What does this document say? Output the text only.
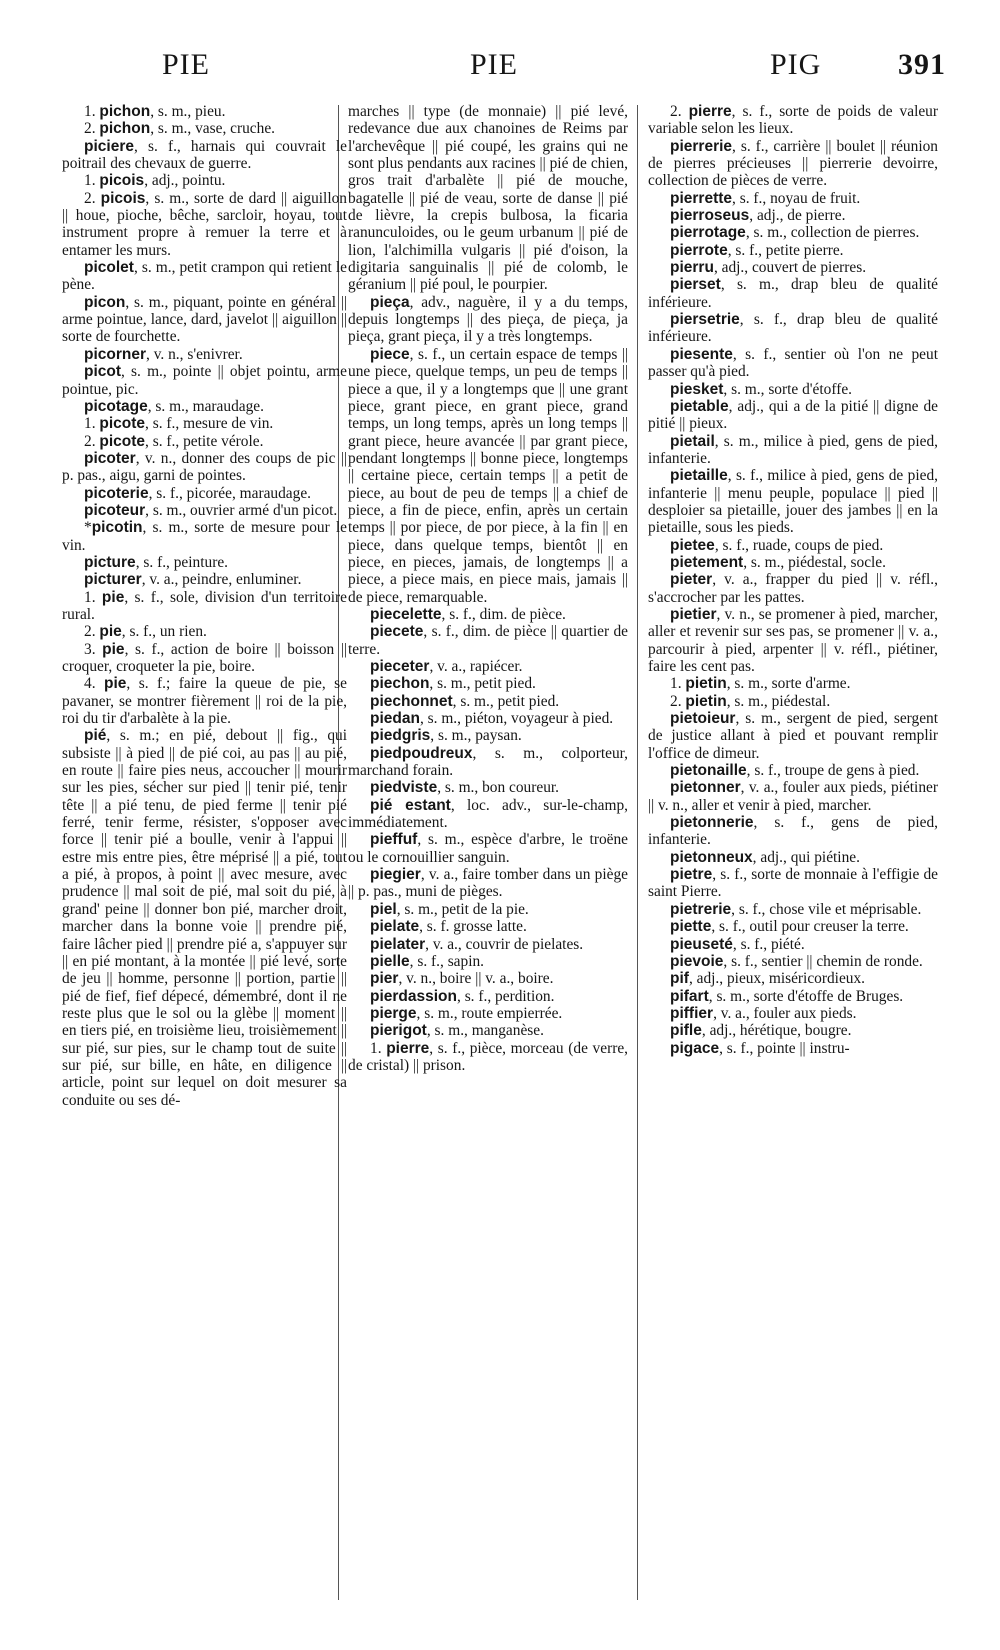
PIE	PIE	PIG	391
1. pichon, s. m., pieu.
2. pichon, s. m., vase, cruche.
piciere, s. f., harnais qui couvrait le poitrail des chevaux de guerre.
1. picois, adj., pointu.
2. picois, s. m., sorte de dard || aiguillon || houe, pioche, bêche, sarcloir, hoyau, tout instrument propre à remuer la terre et à entamer les murs.
picolet, s. m., petit crampon qui retient le pène.
picon, s. m., piquant, pointe en général || arme pointue, lance, dard, javelot || aiguillon || sorte de fourchette.
picorner, v. n., s'enivrer.
picot, s. m., pointe || objet pointu, arme pointue, pic.
picotage, s. m., maraudage.
1. picote, s. f., mesure de vin.
2. picote, s. f., petite vérole.
picoter, v. n., donner des coups de pic || p. pas., aigu, garni de pointes.
picoterie, s. f., picorée, maraudage.
picoteur, s. m., ouvrier armé d'un picot.
*picotin, s. m., sorte de mesure pour le vin.
picture, s. f., peinture.
picturer, v. a., peindre, enluminer.
1. pie, s. f., sole, division d'un territoire rural.
2. pie, s. f., un rien.
3. pie, s. f., action de boire || boisson || croquer, croqueter la pie, boire.
4. pie, s. f.; faire la queue de pie, se pavaner, se montrer fièrement || roi de la pie, roi du tir d'arbalète à la pie.
pié, s. m.; en pié, debout || fig., qui subsiste || à pied || de pié coi, au pas || au pié, en route || faire pies neus, accoucher || mourir sur les pies, sécher sur pied || tenir pié, tenir tête || a pié tenu, de pied ferme || tenir pié ferré, tenir ferme, résister, s'opposer avec force || tenir pié a boulle, venir à l'appui || estre mis entre pies, être méprisé || a pié, tout a pié, à propos, à point || avec mesure, avec prudence || mal soit de pié, mal soit du pié, à grand' peine || donner bon pié, marcher droit, marcher dans la bonne voie || prendre pié, faire lâcher pied || prendre pié a, s'appuyer sur || en pié montant, à la montée || pié levé, sorte de jeu || homme, personne || portion, partie || pié de fief, fief dépecé, démembré, dont il ne reste plus que le sol ou la glèbe || moment || en tiers pié, en troisième lieu, troisièmement || sur pié, sur pies, sur le champ tout de suite || sur pié, sur bille, en hâte, en diligence || article, point sur lequel on doit mesurer sa conduite ou ses dé-
marches || type (de monnaie) || pié levé, redevance due aux chanoines de Reims par l'archevêque || pié coupé, les grains qui ne sont plus pendants aux racines || pié de chien, gros trait d'arbalète || pié de mouche, bagatelle || pié de veau, sorte de danse || pié de lièvre, la crepis bulbosa, la ficaria ranunculoides, ou le geum urbanum || pié de lion, l'alchimilla vulgaris || pié d'oison, la digitaria sanguinalis || pié de colomb, le géranium || pié poul, le pourpier.
pieça, adv., naguère, il y a du temps, depuis longtemps || des pieça, de pieça, ja pieça, grant pieça, il y a très longtemps.
piece, s. f., un certain espace de temps || une piece, quelque temps, un peu de temps || piece a que, il y a longtemps que || une grant piece, grant piece, en grant piece, grand temps, un long temps, après un long temps || grant piece, heure avancée || par grant piece, pendant longtemps || bonne piece, longtemps || certaine piece, certain temps || a petit de piece, au bout de peu de temps || a chief de piece, a fin de piece, enfin, après un certain temps || por piece, de por piece, à la fin || en piece, dans quelque temps, bientôt || en piece, en pieces, jamais, de longtemps || a piece, a piece mais, en piece mais, jamais || de piece, remarquable.
piecelette, s. f., dim. de pièce.
piecete, s. f., dim. de pièce || quartier de terre.
pieceter, v. a., rapiécer.
piechon, s. m., petit pied.
piechonnet, s. m., petit pied.
piedan, s. m., piéton, voyageur à pied.
piedgris, s. m., paysan.
piedpoudreux, s. m., colporteur, marchand forain.
piedviste, s. m., bon coureur.
pié estant, loc. adv., sur-le-champ, immédiatement.
pieffuf, s. m., espèce d'arbre, le troëne ou le cornouillier sanguin.
piegier, v. a., faire tomber dans un piège || p. pas., muni de pièges.
piel, s. m., petit de la pie.
pielate, s. f. grosse latte.
pielater, v. a., couvrir de pielates.
pielle, s. f., sapin.
pier, v. n., boire || v. a., boire.
pierdassion, s. f., perdition.
pierge, s. m., route empierrée.
pierigot, s. m., manganèse.
1. pierre, s. f., pièce, morceau (de verre, de cristal) || prison.
2. pierre, s. f., sorte de poids de valeur variable selon les lieux.
pierrerie, s. f., carrière || boulet || réunion de pierres précieuses || pierrerie devoirre, collection de pièces de verre.
pierrette, s. f., noyau de fruit.
pierroseus, adj., de pierre.
pierrotage, s. m., collection de pierres.
pierrote, s. f., petite pierre.
pierru, adj., couvert de pierres.
pierset, s. m., drap bleu de qualité inférieure.
piersetrie, s. f., drap bleu de qualité inférieure.
piesente, s. f., sentier où l'on ne peut passer qu'à pied.
piesket, s. m., sorte d'étoffe.
pietable, adj., qui a de la pitié || digne de pitié || pieux.
pietail, s. m., milice à pied, gens de pied, infanterie.
pietaille, s. f., milice à pied, gens de pied, infanterie || menu peuple, populace || pied || desploier sa pietaille, jouer des jambes || en la pietaille, sous les pieds.
pietee, s. f., ruade, coups de pied.
pietement, s. m., piédestal, socle.
pieter, v. a., frapper du pied || v. réfl., s'accrocher par les pattes.
pietier, v. n., se promener à pied, marcher, aller et revenir sur ses pas, se promener || v. a., parcourir à pied, arpenter || v. réfl., piétiner, faire les cent pas.
1. pietin, s. m., sorte d'arme.
2. pietin, s. m., piédestal.
pietoieur, s. m., sergent de pied, sergent de justice allant à pied et pouvant remplir l'office de dimeur.
pietonaille, s. f., troupe de gens à pied.
pietonner, v. a., fouler aux pieds, piétiner || v. n., aller et venir à pied, marcher.
pietonnerie, s. f., gens de pied, infanterie.
pietonneux, adj., qui piétine.
pietre, s. f., sorte de monnaie à l'effigie de saint Pierre.
pietrerie, s. f., chose vile et méprisable.
piette, s. f., outil pour creuser la terre.
pieuseté, s. f., piété.
pievoie, s. f., sentier || chemin de ronde.
pif, adj., pieux, miséricordieux.
pifart, s. m., sorte d'étoffe de Bruges.
piffier, v. a., fouler aux pieds.
pifle, adj., hérétique, bougre.
pigace, s. f., pointe || instru-
